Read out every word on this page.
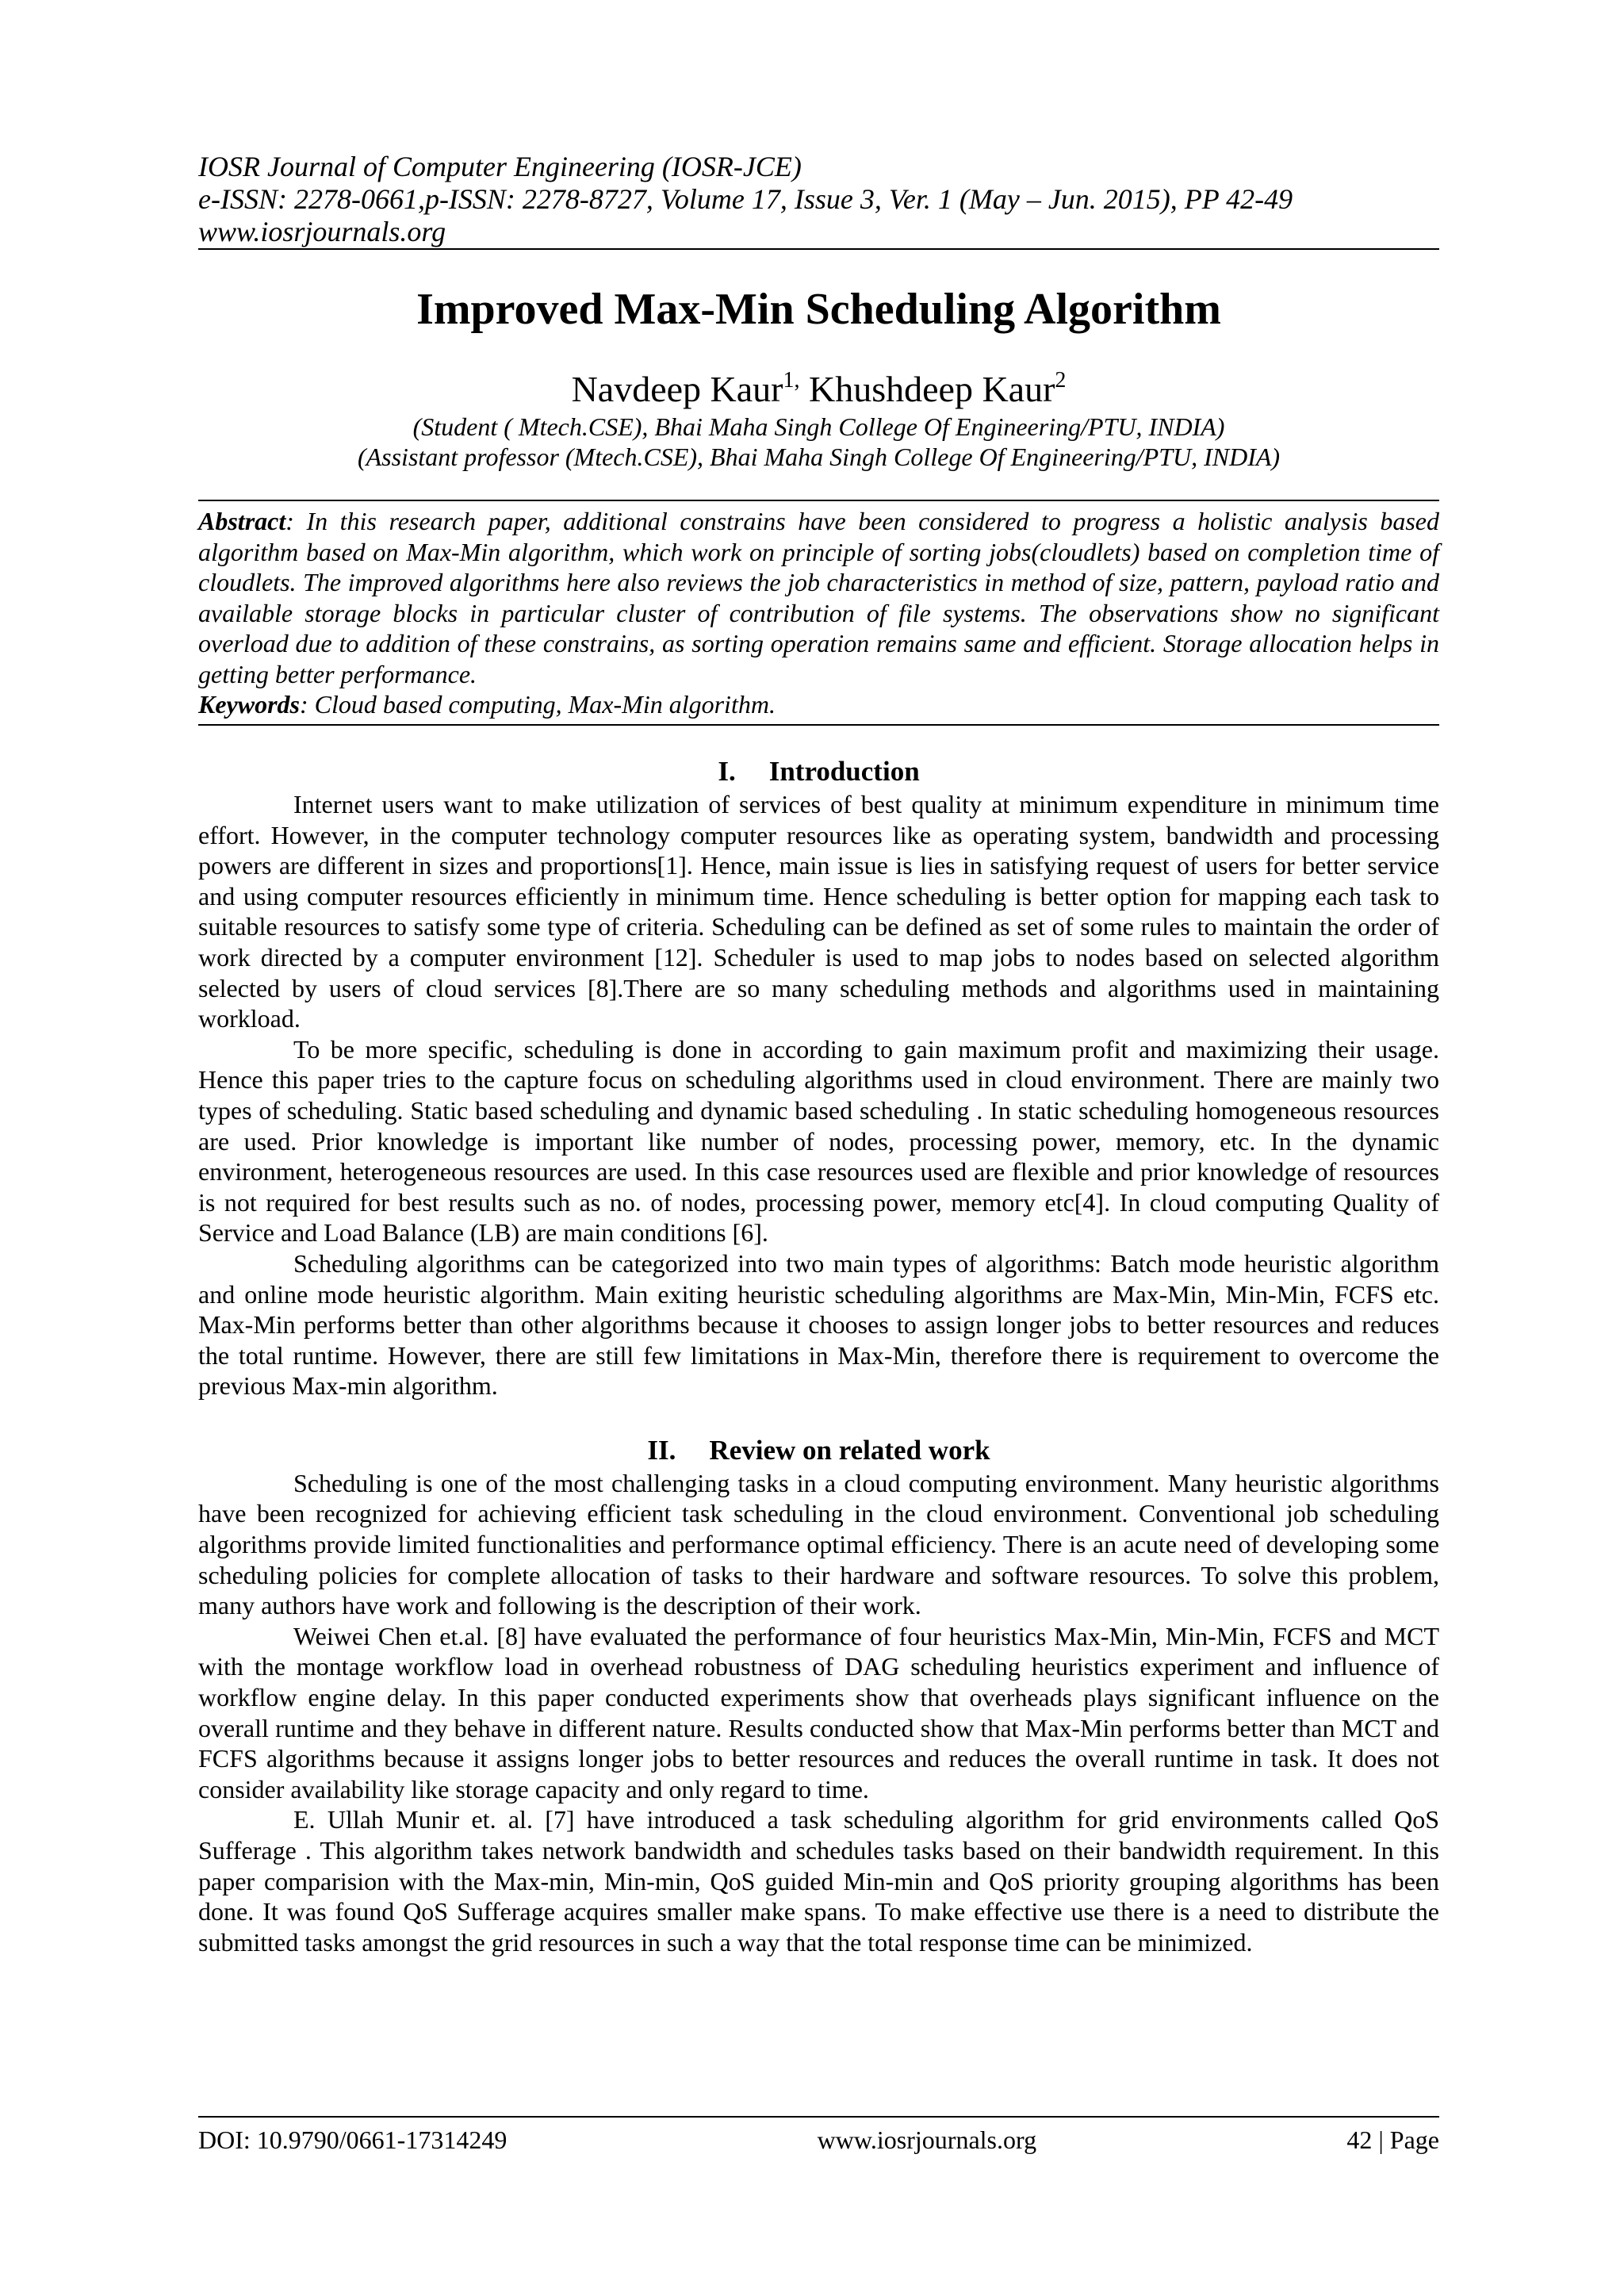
IOSR Journal of Computer Engineering (IOSR-JCE)
e-ISSN: 2278-0661,p-ISSN: 2278-8727, Volume 17, Issue 3, Ver. 1 (May – Jun. 2015), PP 42-49
www.iosrjournals.org
Improved Max-Min Scheduling Algorithm
Navdeep Kaur$^{1,}$ Khushdeep Kaur$^2$
(Student ( Mtech.CSE), Bhai Maha Singh College Of Engineering/PTU, INDIA)
(Assistant professor (Mtech.CSE), Bhai Maha Singh College Of Engineering/PTU, INDIA)
Abstract: In this research paper, additional constrains have been considered to progress a holistic analysis based algorithm based on Max-Min algorithm, which work on principle of sorting jobs(cloudlets) based on completion time of cloudlets. The improved algorithms here also reviews the job characteristics in method of size, pattern, payload ratio and available storage blocks in particular cluster of contribution of file systems. The observations show no significant overload due to addition of these constrains, as sorting operation remains same and efficient. Storage allocation helps in getting better performance.
Keywords: Cloud based computing, Max-Min algorithm.
I. Introduction

Internet users want to make utilization of services of best quality at minimum expenditure in minimum time effort. However, in the computer technology computer resources like as operating system, bandwidth and processing powers are different in sizes and proportions[1]. Hence, main issue is lies in satisfying request of users for better service and using computer resources efficiently in minimum time. Hence scheduling is better option for mapping each task to suitable resources to satisfy some type of criteria. Scheduling can be defined as set of some rules to maintain the order of work directed by a computer environment [12]. Scheduler is used to map jobs to nodes based on selected algorithm selected by users of cloud services [8].There are so many scheduling methods and algorithms used in maintaining workload.

To be more specific, scheduling is done in according to gain maximum profit and maximizing their usage. Hence this paper tries to the capture focus on scheduling algorithms used in cloud environment. There are mainly two types of scheduling. Static based scheduling and dynamic based scheduling . In static scheduling homogeneous resources are used. Prior knowledge is important like number of nodes, processing power, memory, etc. In the dynamic environment, heterogeneous resources are used. In this case resources used are flexible and prior knowledge of resources is not required for best results such as no. of nodes, processing power, memory etc[4]. In cloud computing Quality of Service and Load Balance (LB) are main conditions [6].

Scheduling algorithms can be categorized into two main types of algorithms: Batch mode heuristic algorithm and online mode heuristic algorithm. Main exiting heuristic scheduling algorithms are Max-Min, Min-Min, FCFS etc. Max-Min performs better than other algorithms because it chooses to assign longer jobs to better resources and reduces the total runtime. However, there are still few limitations in Max-Min, therefore there is requirement to overcome the previous Max-min algorithm.

II. Review on related work

Scheduling is one of the most challenging tasks in a cloud computing environment. Many heuristic algorithms have been recognized for achieving efficient task scheduling in the cloud environment. Conventional job scheduling algorithms provide limited functionalities and performance optimal efficiency. There is an acute need of developing some scheduling policies for complete allocation of tasks to their hardware and software resources. To solve this problem, many authors have work and following is the description of their work.

Weiwei Chen et.al. [8] have evaluated the performance of four heuristics Max-Min, Min-Min, FCFS and MCT with the montage workflow load in overhead robustness of DAG scheduling heuristics experiment and influence of workflow engine delay. In this paper conducted experiments show that overheads plays significant influence on the overall runtime and they behave in different nature. Results conducted show that Max-Min performs better than MCT and FCFS algorithms because it assigns longer jobs to better resources and reduces the overall runtime in task. It does not consider availability like storage capacity and only regard to time.

E. Ullah Munir et. al. [7] have introduced a task scheduling algorithm for grid environments called QoS Sufferage . This algorithm takes network bandwidth and schedules tasks based on their bandwidth requirement. In this paper comparision with the Max-min, Min-min, QoS guided Min-min and QoS priority grouping algorithms has been done. It was found QoS Sufferage acquires smaller make spans. To make effective use there is a need to distribute the submitted tasks amongst the grid resources in such a way that the total response time can be minimized.

DOI: 10.9790/0661-17314249	www.iosrjournals.org	42 | Page
